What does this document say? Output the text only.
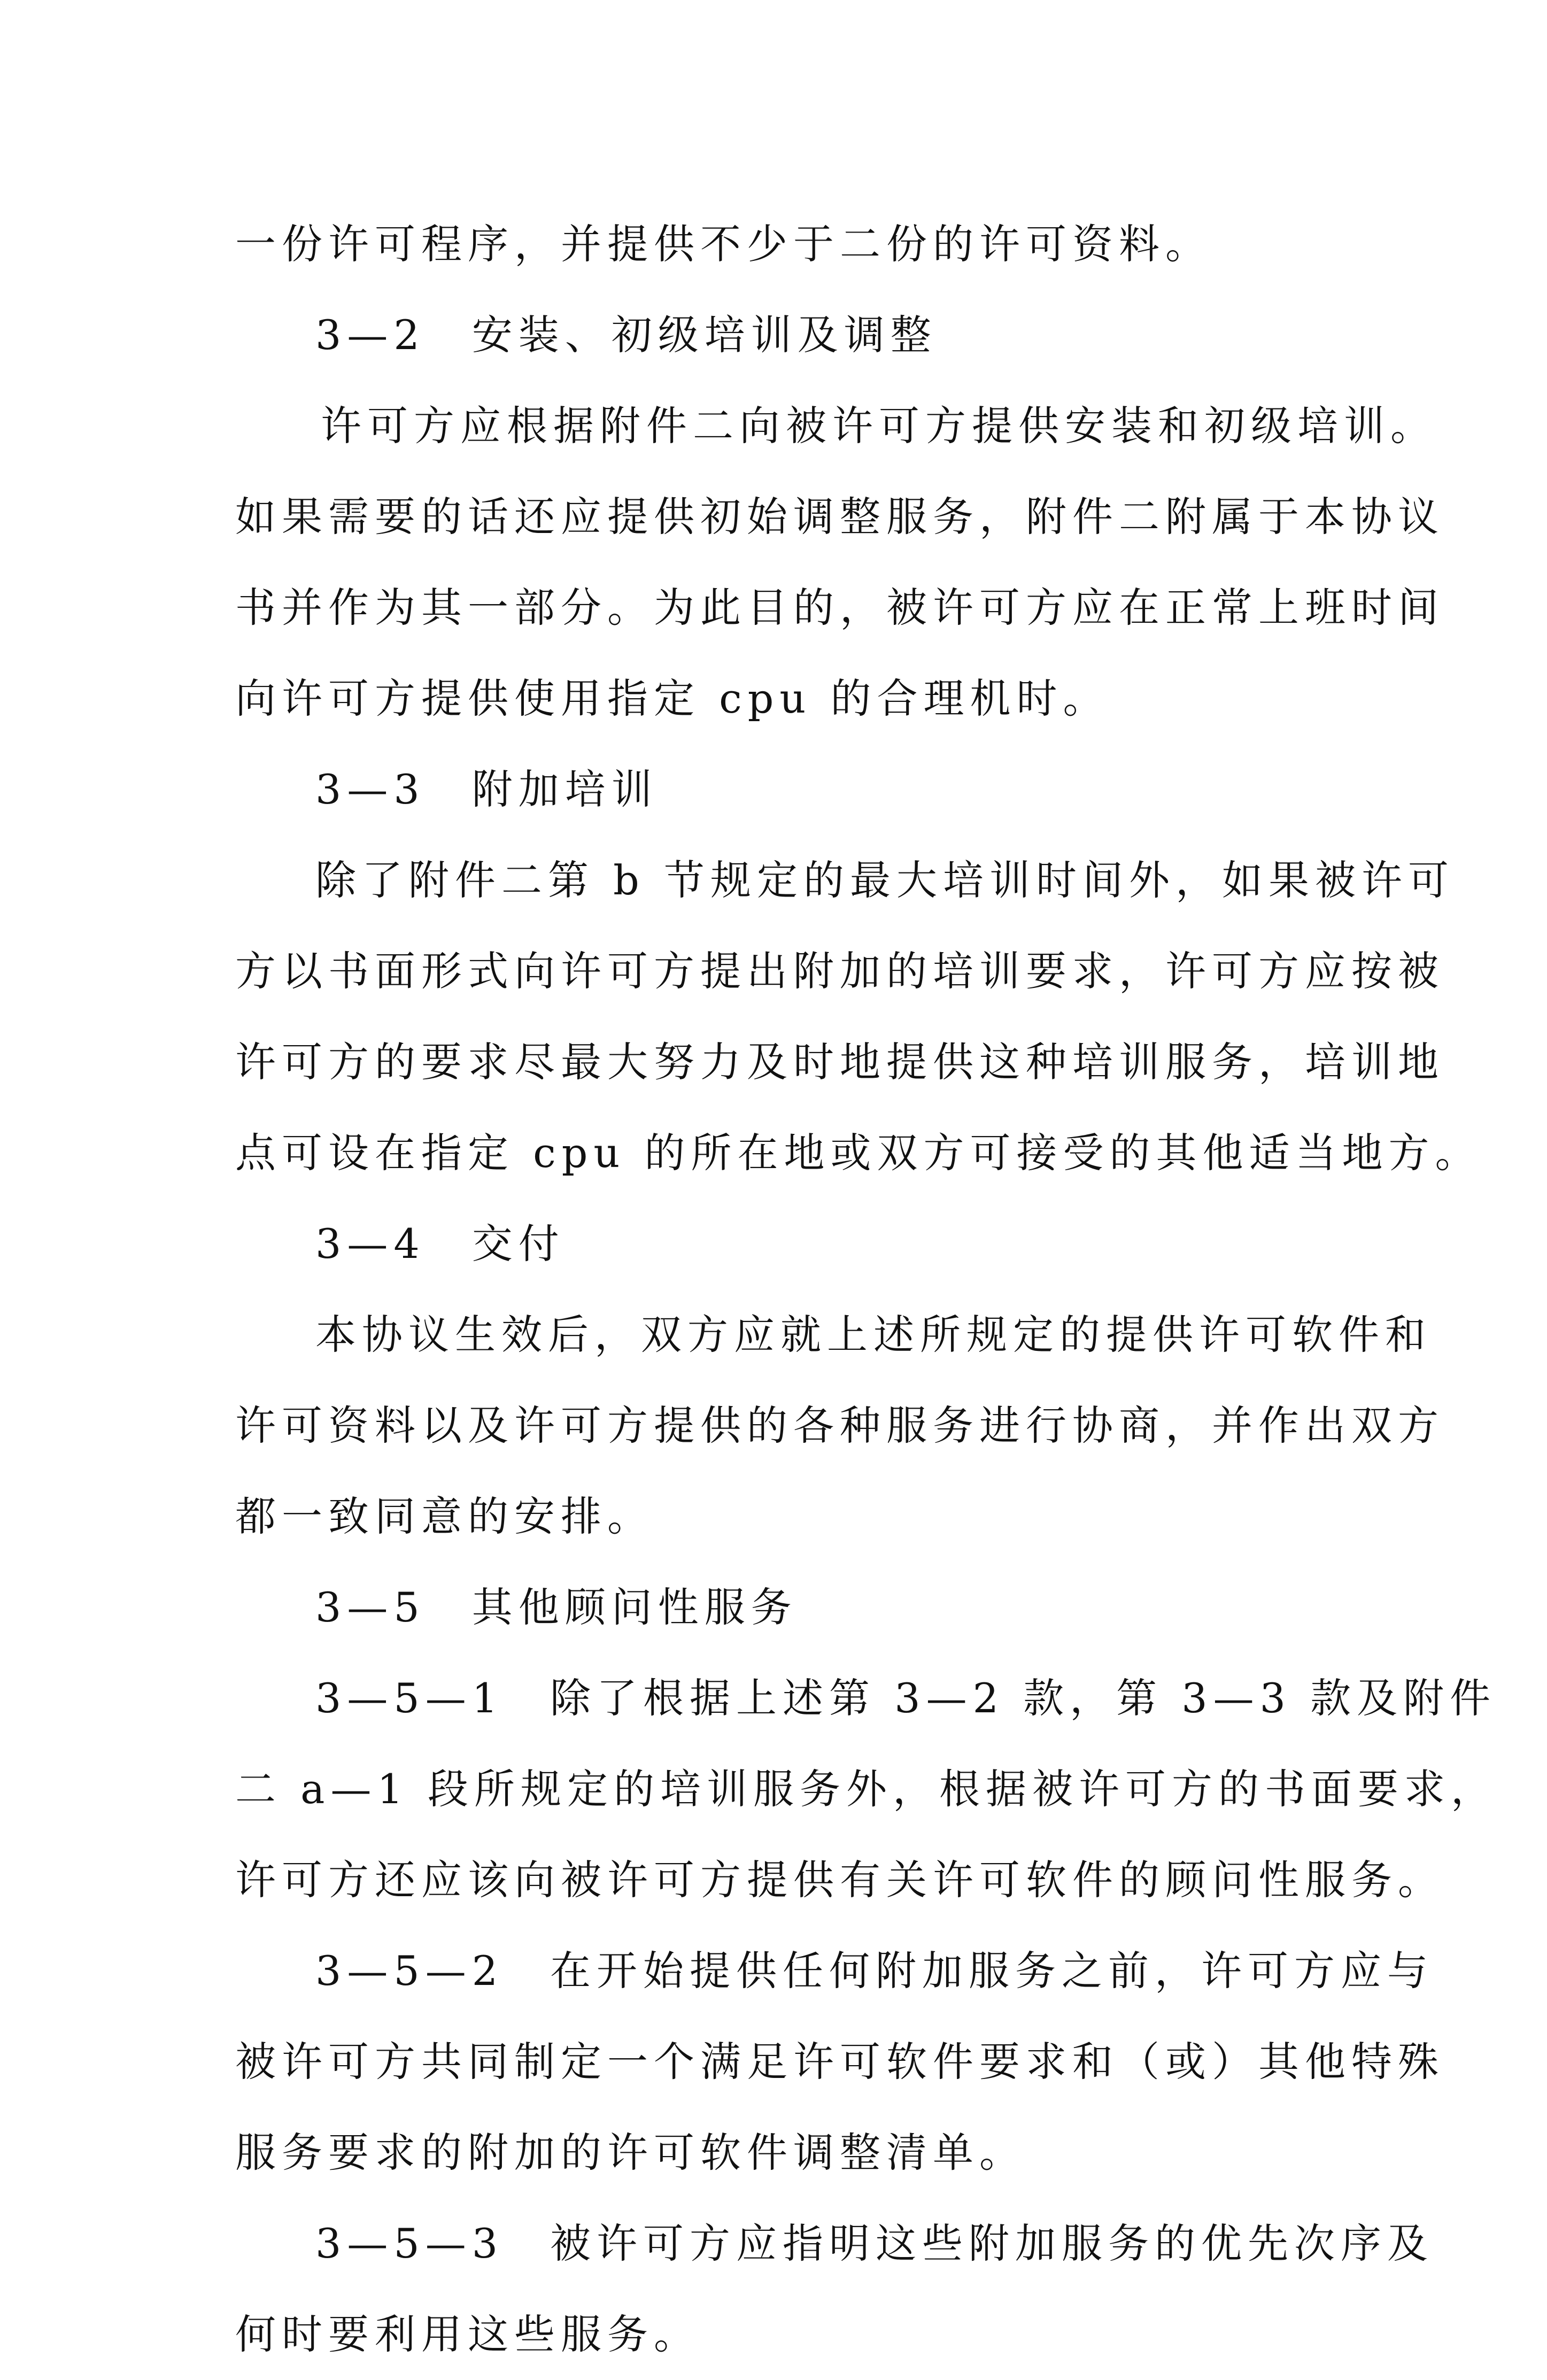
一份许可程序，并提供不少于二份的许可资料。
3—2　安装、初级培训及调整
许可方应根据附件二向被许可方提供安装和初级培训。
如果需要的话还应提供初始调整服务，附件二附属于本协议
书并作为其一部分。为此目的，被许可方应在正常上班时间
向许可方提供使用指定 cpu 的合理机时。
3—3　附加培训
除了附件二第 b 节规定的最大培训时间外，如果被许可
方以书面形式向许可方提出附加的培训要求，许可方应按被
许可方的要求尽最大努力及时地提供这种培训服务，培训地
点可设在指定 cpu 的所在地或双方可接受的其他适当地方。
3—4　交付
本协议生效后，双方应就上述所规定的提供许可软件和
许可资料以及许可方提供的各种服务进行协商，并作出双方
都一致同意的安排。
3—5　其他顾问性服务
3—5—1　除了根据上述第 3—2 款，第 3—3 款及附件
二 a—1 段所规定的培训服务外，根据被许可方的书面要求，
许可方还应该向被许可方提供有关许可软件的顾问性服务。
3—5—2　在开始提供任何附加服务之前，许可方应与
被许可方共同制定一个满足许可软件要求和（或）其他特殊
服务要求的附加的许可软件调整清单。
3—5—3　被许可方应指明这些附加服务的优先次序及
何时要利用这些服务。
